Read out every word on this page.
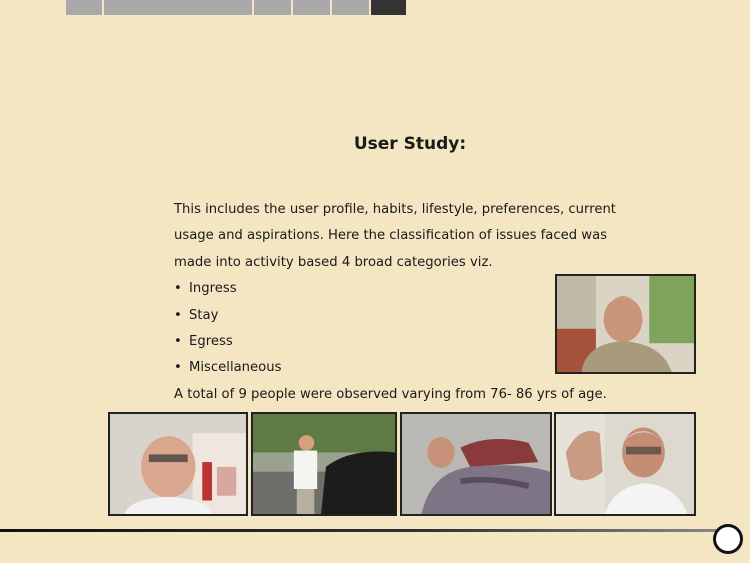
User Study:

This includes the user profile, habits, lifestyle, preferences, current usage and aspirations. Here the classification of issues faced was made into activity based 4 broad categories viz.

• Ingress
• Stay
• Egress
• Miscellaneous

A total of 9 people were observed varying from 76- 86 yrs of age.
